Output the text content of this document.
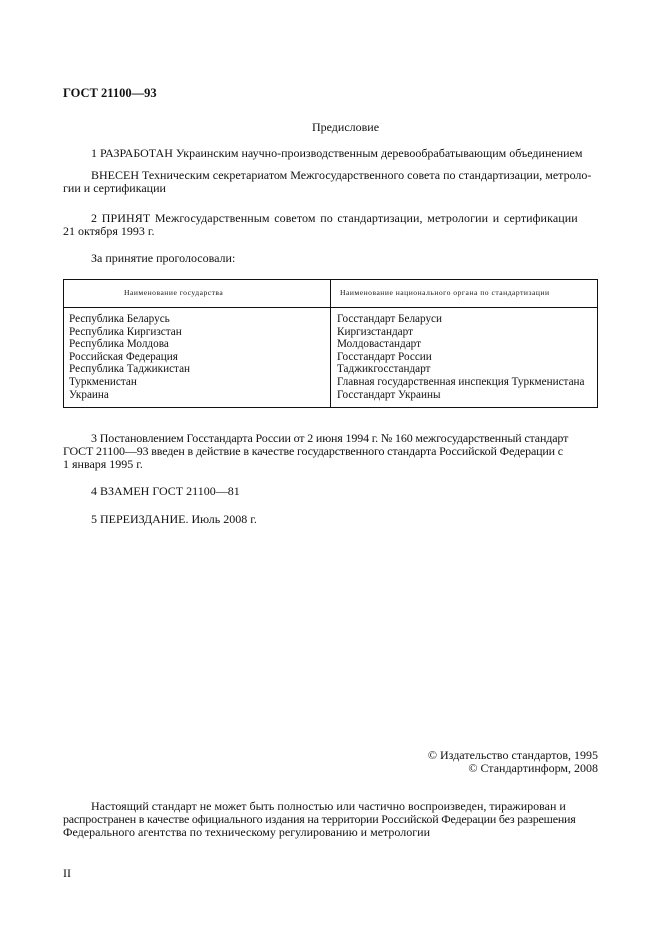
ГОСТ 21100—93
Предисловие
1 РАЗРАБОТАН Украинским научно-производственным деревообрабатывающим объединением
ВНЕСЕН Техническим секретариатом Межгосударственного совета по стандартизации, метроло-
гии и сертификации
2 ПРИНЯТ Межгосударственным советом по стандартизации, метрологии и сертификации
21 октября 1993 г.
За принятие проголосовали:
Наименование государства	Наименование национального органа по стандартизации
Республика Беларусь
Республика Киргизстан
Республика Молдова
Российская Федерация
Республика Таджикистан
Туркменистан
Украина
Госстандарт Беларуси
Киргизстандарт
Молдовастандарт
Госстандарт России
Таджикгосстандарт
Главная государственная инспекция Туркменистана
Госстандарт Украины
3 Постановлением Госстандарта России от 2 июня 1994 г. № 160 межгосударственный стандарт
ГОСТ 21100—93 введен в действие в качестве государственного стандарта Российской Федерации с
1 января 1995 г.
4 ВЗАМЕН ГОСТ 21100—81
5 ПЕРЕИЗДАНИЕ. Июль 2008 г.
© Издательство стандартов, 1995
© Стандартинформ, 2008
Настоящий стандарт не может быть полностью или частично воспроизведен, тиражирован и
распространен в качестве официального издания на территории Российской Федерации без разрешения
Федерального агентства по техническому регулированию и метрологии
II
